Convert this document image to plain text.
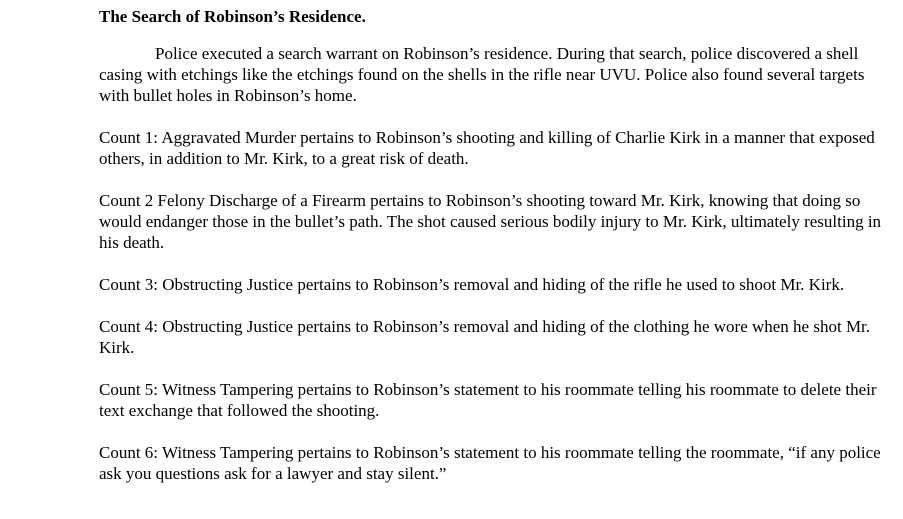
The Search of Robinson’s Residence.

Police executed a search warrant on Robinson’s residence. During that search, police discovered a shell casing with etchings like the etchings found on the shells in the rifle near UVU. Police also found several targets with bullet holes in Robinson’s home.

Count 1: Aggravated Murder pertains to Robinson’s shooting and killing of Charlie Kirk in a manner that exposed others, in addition to Mr. Kirk, to a great risk of death.

Count 2 Felony Discharge of a Firearm pertains to Robinson’s shooting toward Mr. Kirk, knowing that doing so would endanger those in the bullet’s path. The shot caused serious bodily injury to Mr. Kirk, ultimately resulting in his death.

Count 3: Obstructing Justice pertains to Robinson’s removal and hiding of the rifle he used to shoot Mr. Kirk.

Count 4: Obstructing Justice pertains to Robinson’s removal and hiding of the clothing he wore when he shot Mr. Kirk.

Count 5: Witness Tampering pertains to Robinson’s statement to his roommate telling his roommate to delete their text exchange that followed the shooting.

Count 6: Witness Tampering pertains to Robinson’s statement to his roommate telling the roommate, “if any police ask you questions ask for a lawyer and stay silent.”
